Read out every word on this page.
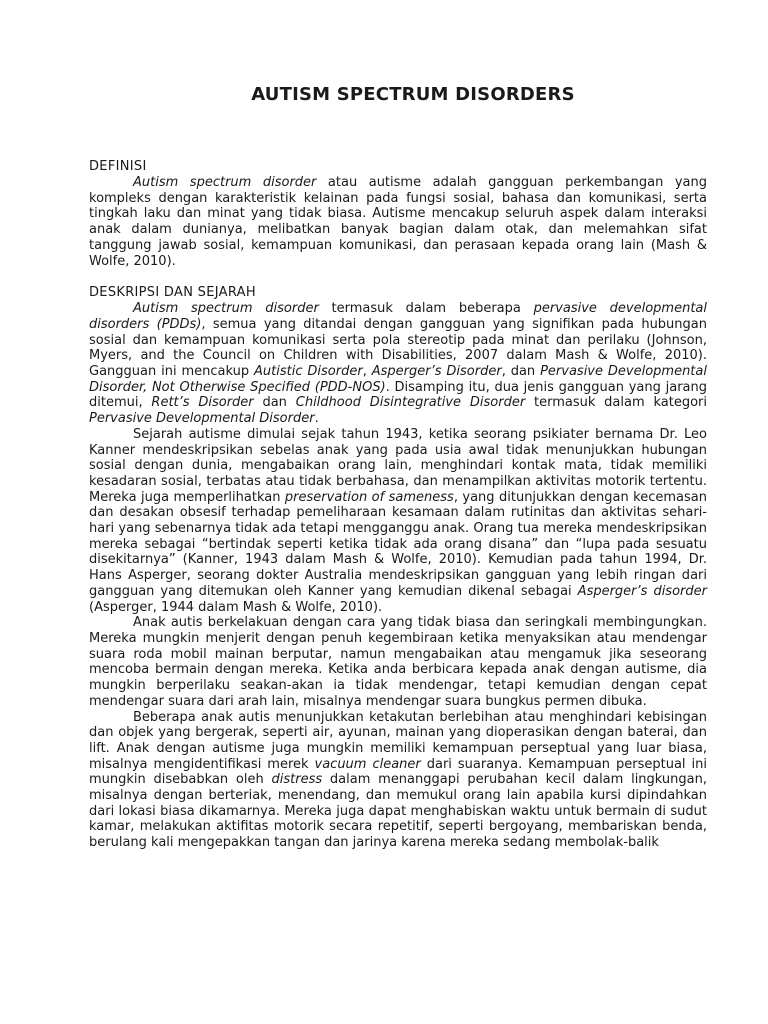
AUTISM SPECTRUM DISORDERS
DEFINISI

Autism spectrum disorder atau autisme adalah gangguan perkembangan yang kompleks dengan karakteristik kelainan pada fungsi sosial, bahasa dan komunikasi, serta tingkah laku dan minat yang tidak biasa. Autisme mencakup seluruh aspek dalam interaksi anak dalam dunianya, melibatkan banyak bagian dalam otak, dan melemahkan sifat tanggung jawab sosial, kemampuan komunikasi, dan perasaan kepada orang lain (Mash & Wolfe, 2010).

DESKRIPSI DAN SEJARAH

Autism spectrum disorder termasuk dalam beberapa pervasive developmental disorders (PDDs), semua yang ditandai dengan gangguan yang signifikan pada hubungan sosial dan kemampuan komunikasi serta pola stereotip pada minat dan perilaku (Johnson, Myers, and the Council on Children with Disabilities, 2007 dalam Mash & Wolfe, 2010). Gangguan ini mencakup Autistic Disorder, Asperger’s Disorder, dan Pervasive Developmental Disorder, Not Otherwise Specified (PDD-NOS). Disamping itu, dua jenis gangguan yang jarang ditemui, Rett’s Disorder dan Childhood Disintegrative Disorder termasuk dalam kategori Pervasive Developmental Disorder.

Sejarah autisme dimulai sejak tahun 1943, ketika seorang psikiater bernama Dr. Leo Kanner mendeskripsikan sebelas anak yang pada usia awal tidak menunjukkan hubungan sosial dengan dunia, mengabaikan orang lain, menghindari kontak mata, tidak memiliki kesadaran sosial, terbatas atau tidak berbahasa, dan menampilkan aktivitas motorik tertentu. Mereka juga memperlihatkan preservation of sameness, yang ditunjukkan dengan kecemasan dan desakan obsesif terhadap pemeliharaan kesamaan dalam rutinitas dan aktivitas sehari-hari yang sebenarnya tidak ada tetapi mengganggu anak. Orang tua mereka mendeskripsikan mereka sebagai “bertindak seperti ketika tidak ada orang disana” dan “lupa pada sesuatu disekitarnya” (Kanner, 1943 dalam Mash & Wolfe, 2010). Kemudian pada tahun 1994, Dr. Hans Asperger, seorang dokter Australia mendeskripsikan gangguan yang lebih ringan dari gangguan yang ditemukan oleh Kanner yang kemudian dikenal sebagai Asperger’s disorder (Asperger, 1944 dalam Mash & Wolfe, 2010).

Anak autis berkelakuan dengan cara yang tidak biasa dan seringkali membingungkan. Mereka mungkin menjerit dengan penuh kegembiraan ketika menyaksikan atau mendengar suara roda mobil mainan berputar, namun mengabaikan atau mengamuk jika seseorang mencoba bermain dengan mereka. Ketika anda berbicara kepada anak dengan autisme, dia mungkin berperilaku seakan-akan ia tidak mendengar, tetapi kemudian dengan cepat mendengar suara dari arah lain, misalnya mendengar suara bungkus permen dibuka.

Beberapa anak autis menunjukkan ketakutan berlebihan atau menghindari kebisingan dan objek yang bergerak, seperti air, ayunan, mainan yang dioperasikan dengan baterai, dan lift. Anak dengan autisme juga mungkin memiliki kemampuan perseptual yang luar biasa, misalnya mengidentifikasi merek vacuum cleaner dari suaranya. Kemampuan perseptual ini mungkin disebabkan oleh distress dalam menanggapi perubahan kecil dalam lingkungan, misalnya dengan berteriak, menendang, dan memukul orang lain apabila kursi dipindahkan dari lokasi biasa dikamarnya. Mereka juga dapat menghabiskan waktu untuk bermain di sudut kamar, melakukan aktifitas motorik secara repetitif, seperti bergoyang, membariskan benda, berulang kali mengepakkan tangan dan jarinya karena mereka sedang membolak-balik
